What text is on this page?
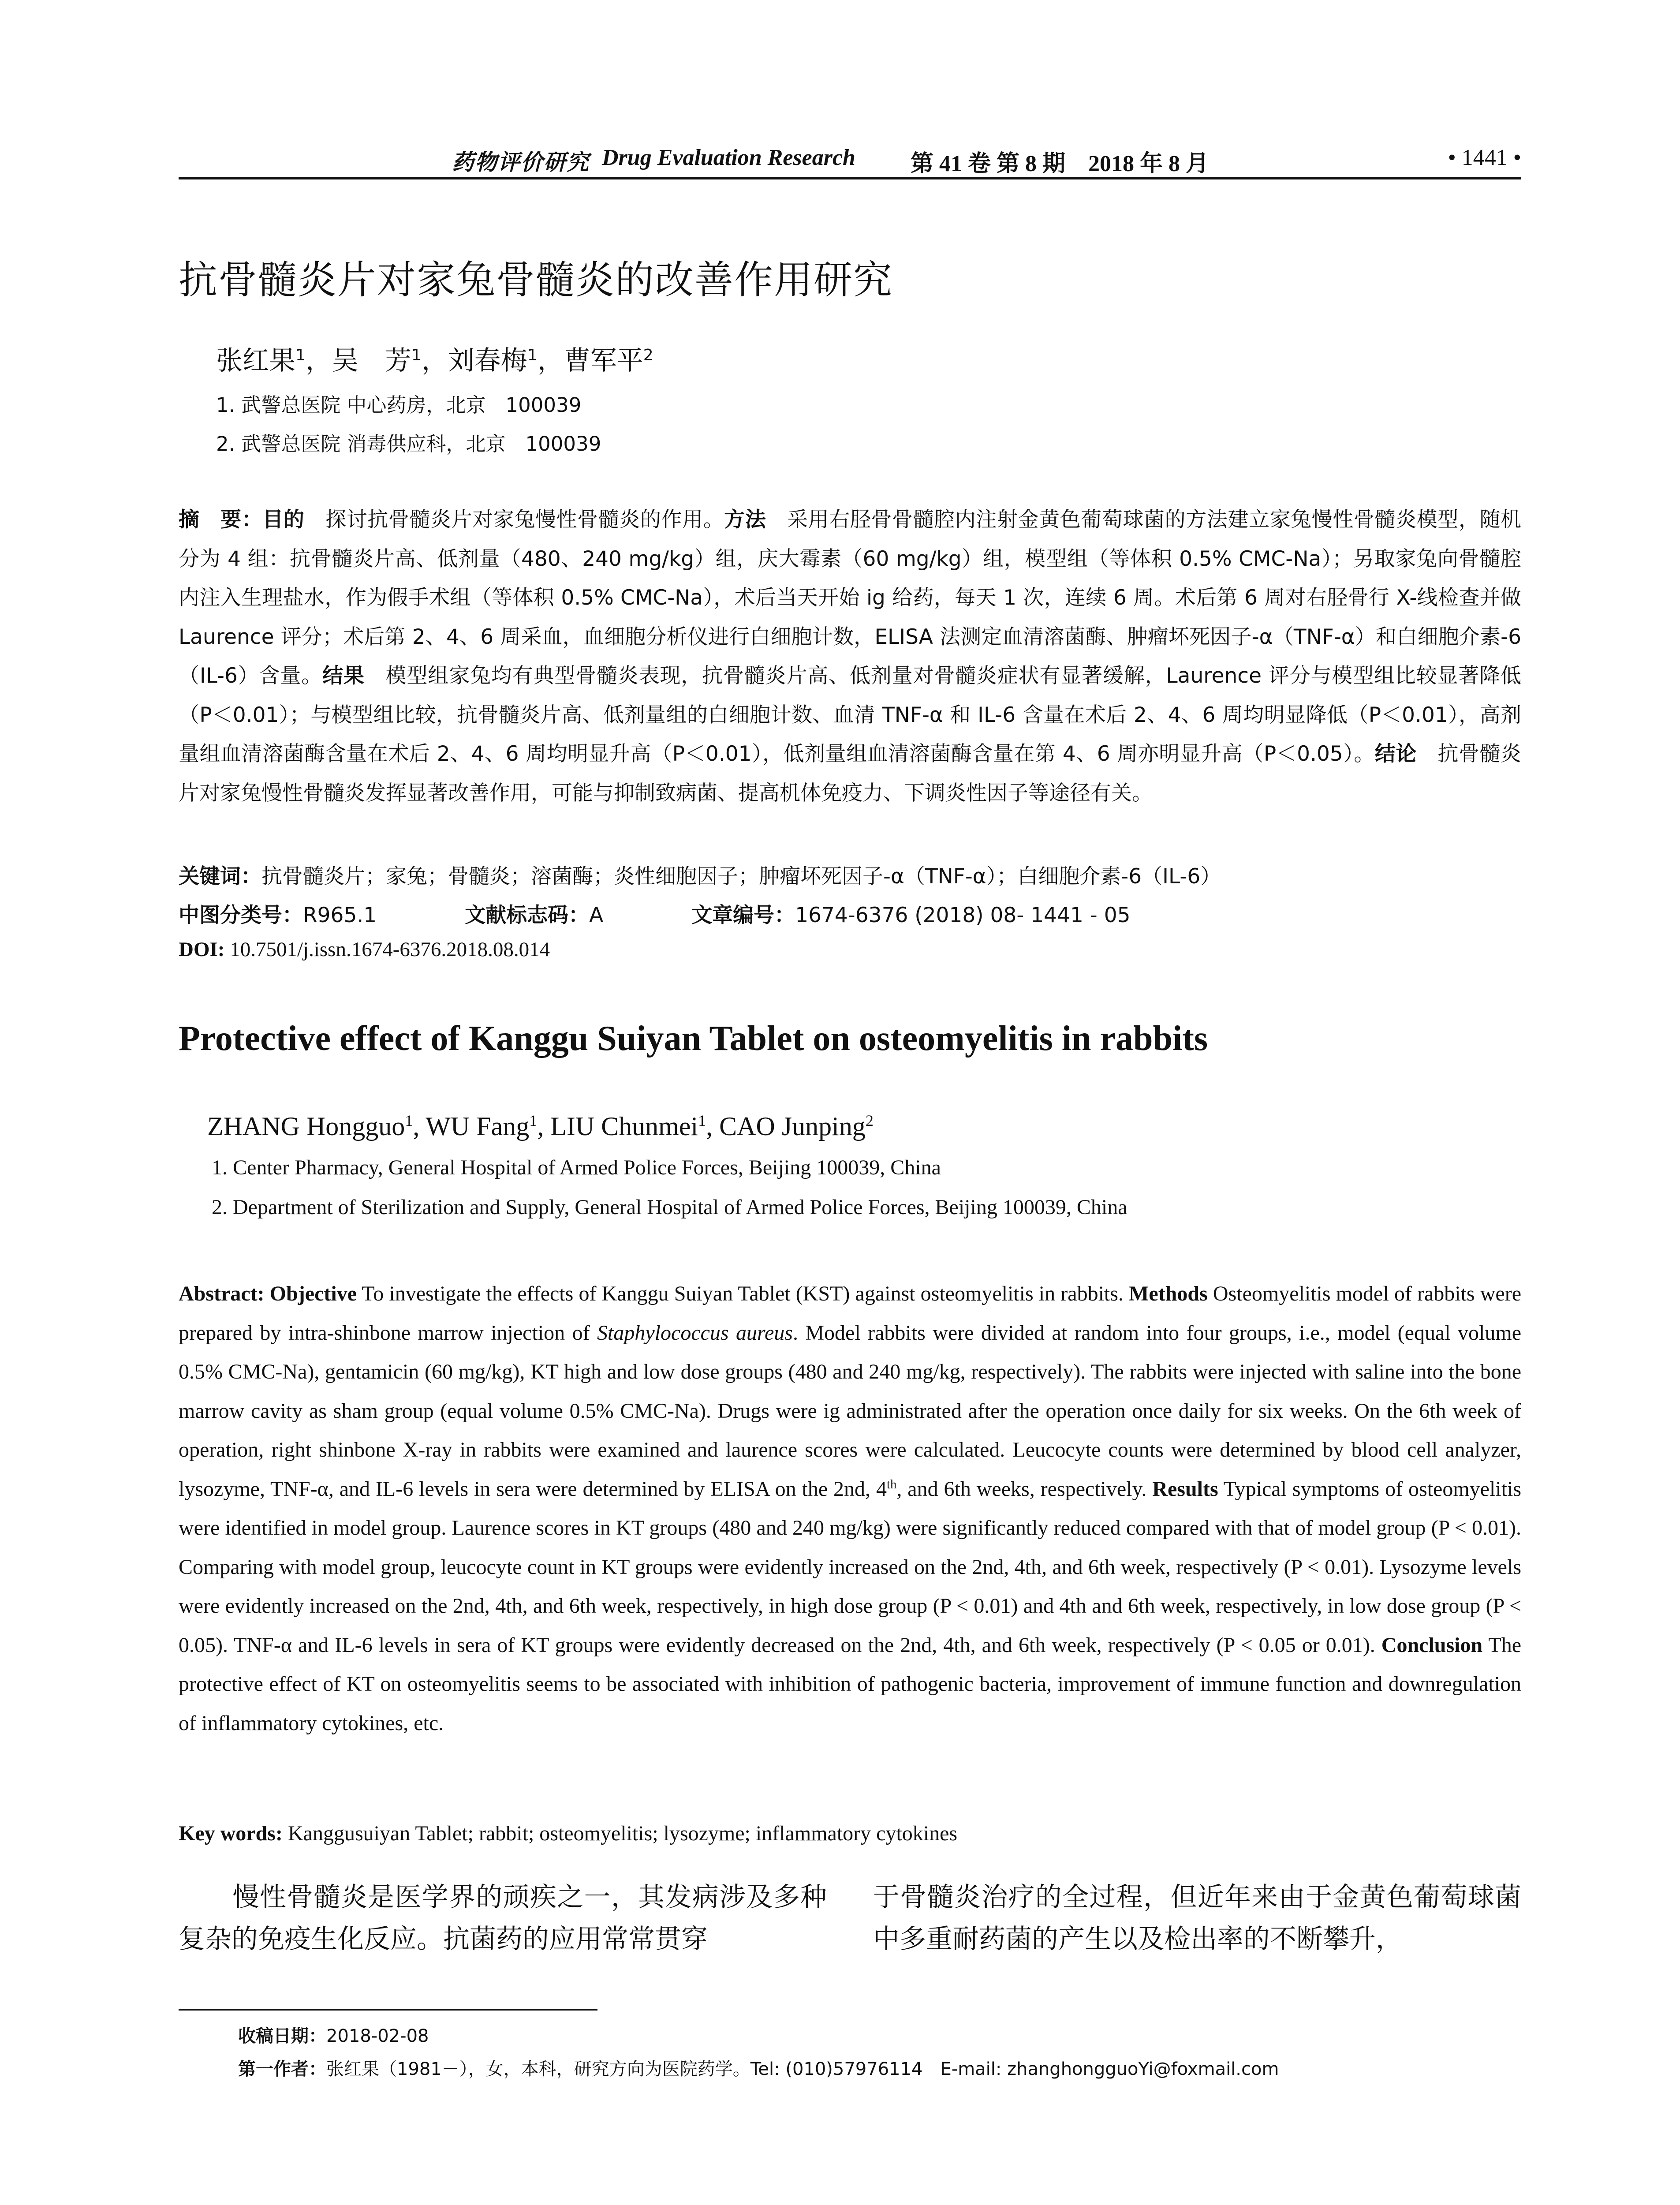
药物评价研究 Drug Evaluation Research 第 41 卷 第 8 期　2018 年 8 月	• 1441 •
抗骨髓炎片对家兔骨髓炎的改善作用研究
张红果$^1$，吴　芳$^1$，刘春梅$^1$，曹军平$^2$
1. 武警总医院 中心药房，北京　100039
2. 武警总医院 消毒供应科，北京　100039
摘　要：目的　探讨抗骨髓炎片对家兔慢性骨髓炎的作用。方法　采用右胫骨骨髓腔内注射金黄色葡萄球菌的方法建立家兔慢性骨髓炎模型，随机分为 4 组：抗骨髓炎片高、低剂量（480、240 mg/kg）组，庆大霉素（60 mg/kg）组，模型组（等体积 0.5% CMC-Na）；另取家兔向骨髓腔内注入生理盐水，作为假手术组（等体积 0.5% CMC-Na），术后当天开始 ig 给药，每天 1 次，连续 6 周。术后第 6 周对右胫骨行 X-线检查并做 Laurence 评分；术后第 2、4、6 周采血，血细胞分析仪进行白细胞计数，ELISA 法测定血清溶菌酶、肿瘤坏死因子-α（TNF-α）和白细胞介素-6（IL-6）含量。结果　模型组家兔均有典型骨髓炎表现，抗骨髓炎片高、低剂量对骨髓炎症状有显著缓解，Laurence 评分与模型组比较显著降低（P＜0.01）；与模型组比较，抗骨髓炎片高、低剂量组的白细胞计数、血清 TNF-α 和 IL-6 含量在术后 2、4、6 周均明显降低（P＜0.01），高剂量组血清溶菌酶含量在术后 2、4、6 周均明显升高（P＜0.01），低剂量组血清溶菌酶含量在第 4、6 周亦明显升高（P＜0.05）。结论　抗骨髓炎片对家兔慢性骨髓炎发挥显著改善作用，可能与抑制致病菌、提高机体免疫力、下调炎性因子等途径有关。
关键词：抗骨髓炎片；家兔；骨髓炎；溶菌酶；炎性细胞因子；肿瘤坏死因子-α（TNF-α）；白细胞介素-6（IL-6）
中图分类号：R965.1	文献标志码：A	文章编号：1674-6376 (2018) 08- 1441 - 05
DOI: 10.7501/j.issn.1674-6376.2018.08.014
Protective effect of Kanggu Suiyan Tablet on osteomyelitis in rabbits
ZHANG Hongguo$^1$, WU Fang$^1$, LIU Chunmei$^1$, CAO Junping$^2$
1. Center Pharmacy, General Hospital of Armed Police Forces, Beijing 100039, China
2. Department of Sterilization and Supply, General Hospital of Armed Police Forces, Beijing 100039, China
Abstract: Objective To investigate the effects of Kanggu Suiyan Tablet (KST) against osteomyelitis in rabbits. Methods Osteomyelitis model of rabbits were prepared by intra-shinbone marrow injection of Staphylococcus aureus. Model rabbits were divided at random into four groups, i.e., model (equal volume 0.5% CMC-Na), gentamicin (60 mg/kg), KT high and low dose groups (480 and 240 mg/kg, respectively). The rabbits were injected with saline into the bone marrow cavity as sham group (equal volume 0.5% CMC-Na). Drugs were ig administrated after the operation once daily for six weeks. On the 6th week of operation, right shinbone X-ray in rabbits were examined and laurence scores were calculated. Leucocyte counts were determined by blood cell analyzer, lysozyme, TNF-α, and IL-6 levels in sera were determined by ELISA on the 2nd, 4th, and 6th weeks, respectively. Results Typical symptoms of osteomyelitis were identified in model group. Laurence scores in KT groups (480 and 240 mg/kg) were significantly reduced compared with that of model group (P < 0.01). Comparing with model group, leucocyte count in KT groups were evidently increased on the 2nd, 4th, and 6th week, respectively (P < 0.01). Lysozyme levels were evidently increased on the 2nd, 4th, and 6th week, respectively, in high dose group (P < 0.01) and 4th and 6th week, respectively, in low dose group (P < 0.05). TNF-α and IL-6 levels in sera of KT groups were evidently decreased on the 2nd, 4th, and 6th week, respectively (P < 0.05 or 0.01). Conclusion The protective effect of KT on osteomyelitis seems to be associated with inhibition of pathogenic bacteria, improvement of immune function and downregulation of inflammatory cytokines, etc.
Key words: Kanggusuiyan Tablet; rabbit; osteomyelitis; lysozyme; inflammatory cytokines
　　慢性骨髓炎是医学界的顽疾之一，其发病涉及多种复杂的免疫生化反应。抗菌药的应用常常贯穿
于骨髓炎治疗的全过程，但近年来由于金黄色葡萄球菌中多重耐药菌的产生以及检出率的不断攀升，
收稿日期：2018-02-08
第一作者：张红果（1981－），女，本科，研究方向为医院药学。Tel: (010)57976114　E-mail: zhanghongguoYi@foxmail.com
